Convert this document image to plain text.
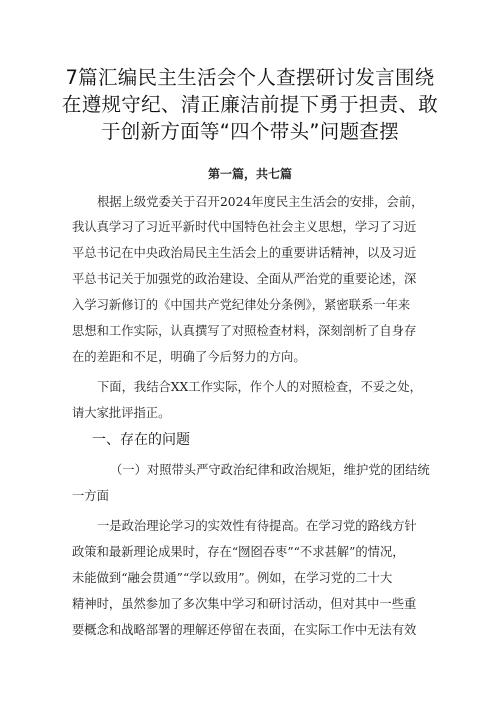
7篇汇编民主生活会个人查摆研讨发言围绕
在遵规守纪、清正廉洁前提下勇于担责、敢
于创新方面等“四个带头”问题查摆
第一篇，共七篇
根据上级党委关于召开2024年度民主生活会的安排，会前，
我认真学习了习近平新时代中国特色社会主义思想，学习了习近
平总书记在中央政治局民主生活会上的重要讲话精神，以及习近
平总书记关于加强党的政治建设、全面从严治党的重要论述，深
入学习新修订的《中国共产党纪律处分条例》，紧密联系一年来
思想和工作实际，认真撰写了对照检查材料，深刻剖析了自身存
在的差距和不足，明确了今后努力的方向。
下面，我结合XX工作实际，作个人的对照检查，不妥之处，
请大家批评指正。
一、存在的问题
（一）对照带头严守政治纪律和政治规矩，维护党的团结统
一方面
一是政治理论学习的实效性有待提高。在学习党的路线方针
政策和最新理论成果时，存在“囫囵吞枣”“不求甚解”的情况，
未能做到“融会贯通”“学以致用”。例如，在学习党的二十大
精神时，虽然参加了多次集中学习和研讨活动，但对其中一些重
要概念和战略部署的理解还停留在表面，在实际工作中无法有效
